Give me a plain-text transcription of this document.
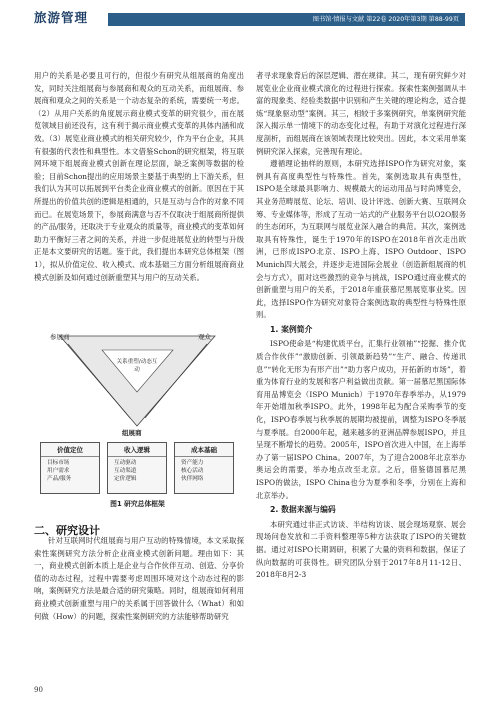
旅游管理	图书馆·情报与文献 第22卷 2020年第3期 第88-99页

用户的关系是必要且可行的，但很少有研究从组展商的角度出发，同时关注组展商与参展商和观众的互动关系，而组展商、参展商和观众之间的关系是一个动态复杂的系统，需要统一考虑。（2）从用户关系的角度展示商业模式变革的研究很少，而在展览领域目前还没有，这有利于揭示商业模式变革的具体内涵和成效。（3）展览业商业模式的相关研究较少，作为平台企业，其具有很强的代表性和典型性。本文借鉴Schon的研究框架，将互联网环境下组展商业模式创新在理论层面，缺乏案例等数据的检验；目前Schon提出的应用场景主要基于典型的上下游关系，但我们认为其可以拓展到平台类企业商业模式的创新。原因在于其所提出的价值共创的逻辑是相通的，只是互动与合作的对象不同而已。在展览场景下，参展商满意与否不仅取决于组展商所提供的产品/服务，还取决于专业观众的质量等，商业模式的变革如何助力平衡好三者之间的关系，并进一步促进展览业的转型与升级正是本文要研究的话题。鉴于此，我们提出本研究总体框架（图1），拟从价值定位、收入模式、成本基础三方面分析组展商商业模式创新及如何通过创新重塑其与用户的互动关系。

参展商	观众
关系重塑/动态互动
组展商
价值定位
目标市场
用户需求
产品/服务
收入逻辑
互动驱动
互动渠道
定价逻辑
成本基础
资产能力
核心活动
伙伴网络
图1 研究总体框架
二、研究设计

针对互联网时代组展商与用户互动的特殊情境，本文采取探索性案例研究方法分析企业商业模式创新问题。理由如下：其一，商业模式创新本质上是企业与合作伙伴互动、创造、分享价值的动态过程，过程中需要考虑周围环境对这个动态过程的影响，案例研究方法是最合适的研究策略。同时，组展商如何利用商业模式创新重塑与用户的关系属于回答做什么（What）和如何做（How）的问题，探索性案例研究的方法能够帮助研究

者寻求现象背后的深层逻辑、潜在规律。其二，现有研究鲜少对展览业企业商业模式演化的过程进行探索。探索性案例强调从丰富的现象类、经验类数据中识别和产生关键的理论构念，适合提炼“现象驱动型”案例。其三，相较于多案例研究，单案例研究能深入揭示单一情境下的动态变化过程，有助于对演化过程进行深度剖析，而组展商在该领域表现比较突出。因此，本文采用单案例研究深入探索，完善现有理论。

遵循理论抽样的原则，本研究选择ISPO作为研究对象，案例具有高度典型性与特殊性。首先，案例选取具有典型性，ISPO是全球最具影响力、规模最大的运动用品与时尚博览会，其业务范畴展览、论坛、培训、设计评选、创新大赛、互联网众筹、专业媒体等，形成了互动一站式的产业服务平台以O2O服务的生态闭环，为互联网与展览业深入融合的典范。其次，案例选取具有特殊性，诞生于1970年的ISPO在2018年首次走出欧洲，已形成ISPO北京、ISPO上海、ISPO Outdoor、ISPO Munich四大展会，并逐步走进国际会展业（创造新组展商的机会与方式），面对这些激烈的竞争与挑战，ISPO通过商业模式的创新重塑与用户的关系，于2018年重获慕尼黑展览事业奖。因此，选择ISPO作为研究对象符合案例选取的典型性与特殊性原则。

1. 案例简介

ISPO使命是“构建优质平台，汇集行业领袖”“挖掘、推介优质合作伙伴”“激励创新、引领最新趋势”“生产、融合、传递讯息”“转化无形为有形产出”“助力客户成功，开拓新的市场”，着重为体育行业的发展和客户利益做出贡献。第一届慕尼黑国际体育用品博览会（ISPO Munich）于1970年春季举办，从1979年开始增加秋季ISPO。此外，1998年起为配合采购季节的变化，ISPO春季展与秋季展的展期均被提前，调整为ISPO冬季展与夏季展。自2000年起，越来越多的亚洲品牌参展ISPO，并且呈现不断增长的趋势。2005年，ISPO首次进入中国，在上海举办了第一届ISPO China。2007年，为了迎合2008年北京举办奥运会的需要，举办地点改至北京。之后，借鉴德国慕尼黑ISPO的做法，ISPO China也分为夏季和冬季，分别在上海和北京举办。

2. 数据来源与编码

本研究通过非正式访谈、半结构访谈、展会现场观察、展会现场问卷发放和二手资料整理等5种方法获取了ISPO的关键数据。通过对ISPO长期调研，积累了大量的资料和数据，保证了纵向数据的可获得性。研究团队分别于2017年8月11-12日、2018年8月2-3

90
